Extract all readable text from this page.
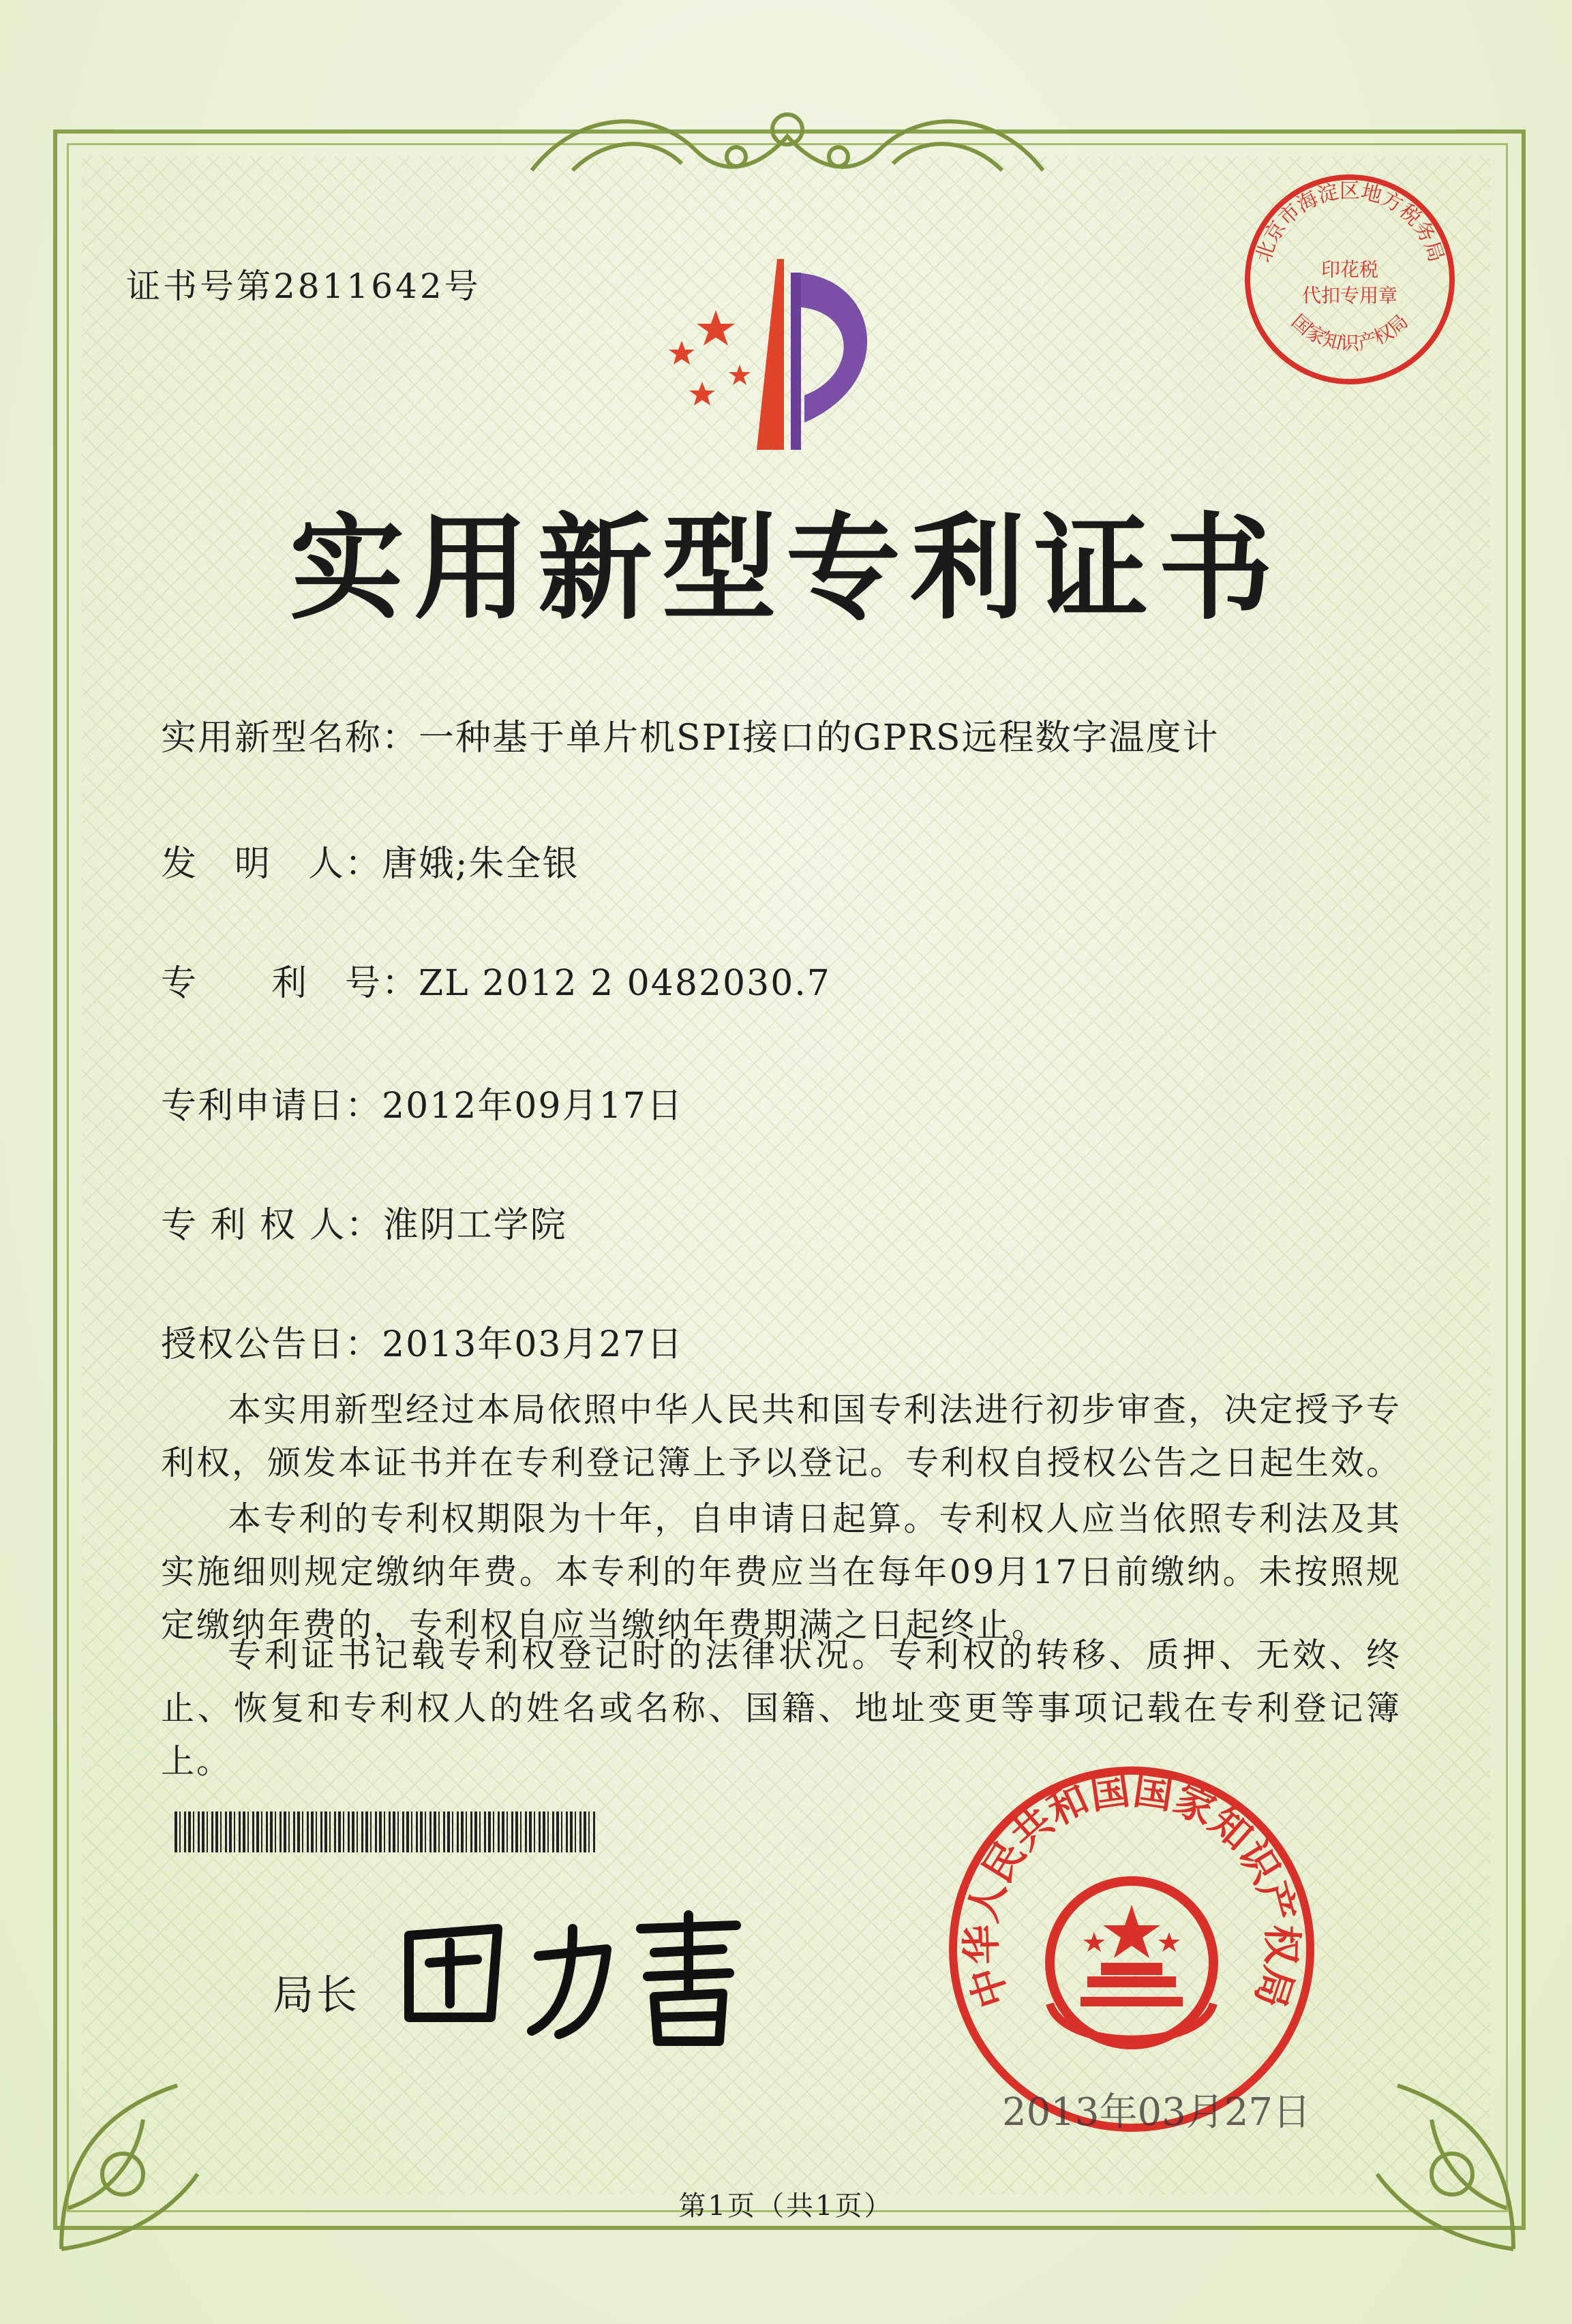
北京市海淀区地方税务局
印花税
代扣专用章
国家知识产权局
证书号第2811642号
实用新型专利证书
实用新型名称：一种基于单片机SPI接口的GPRS远程数字温度计
发　明　人：唐娥;朱全银
专　　利　号：ZL 2012 2 0482030.7
专利申请日：2012年09月17日
专 利 权 人：淮阴工学院
授权公告日：2013年03月27日
本实用新型经过本局依照中华人民共和国专利法进行初步审查，决定授予专利权，颁发本证书并在专利登记簿上予以登记。专利权自授权公告之日起生效。
本专利的专利权期限为十年，自申请日起算。专利权人应当依照专利法及其实施细则规定缴纳年费。本专利的年费应当在每年09月17日前缴纳。未按照规定缴纳年费的，专利权自应当缴纳年费期满之日起终止。
专利证书记载专利权登记时的法律状况。专利权的转移、质押、无效、终止、恢复和专利权人的姓名或名称、国籍、地址变更等事项记载在专利登记簿上。
局长	中华人民共和国国家知识产权局
2013年03月27日
第1页（共1页）
